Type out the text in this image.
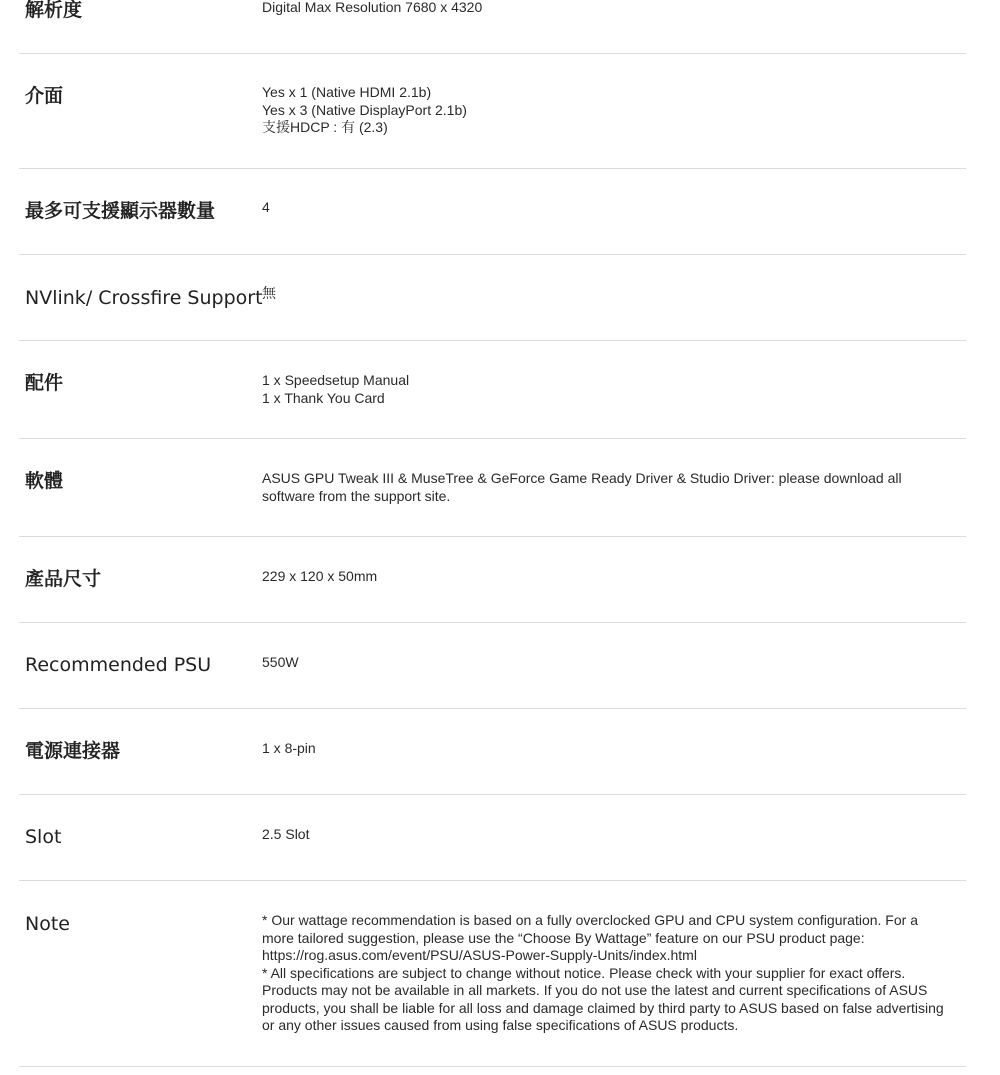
解析度	Digital Max Resolution 7680 x 4320
介面	Yes x 1 (Native HDMI 2.1b)
Yes x 3 (Native DisplayPort 2.1b)
支援HDCP : 有 (2.3)
最多可支援顯示器數量	4
NVlink/ Crossfire Support 無
配件	1 x Speedsetup Manual
1 x Thank You Card
軟體	ASUS GPU Tweak III & MuseTree & GeForce Game Ready Driver & Studio Driver: please download all software from the support site.
產品尺寸	229 x 120 x 50mm
Recommended PSU	550W
電源連接器	1 x 8-pin
Slot	2.5 Slot
Note	* Our wattage recommendation is based on a fully overclocked GPU and CPU system configuration. For a more tailored suggestion, please use the “Choose By Wattage” feature on our PSU product page: https://rog.asus.com/event/PSU/ASUS-Power-Supply-Units/index.html
* All specifications are subject to change without notice. Please check with your supplier for exact offers. Products may not be available in all markets. If you do not use the latest and current specifications of ASUS products, you shall be liable for all loss and damage claimed by third party to ASUS based on false advertising or any other issues caused from using false specifications of ASUS products.
